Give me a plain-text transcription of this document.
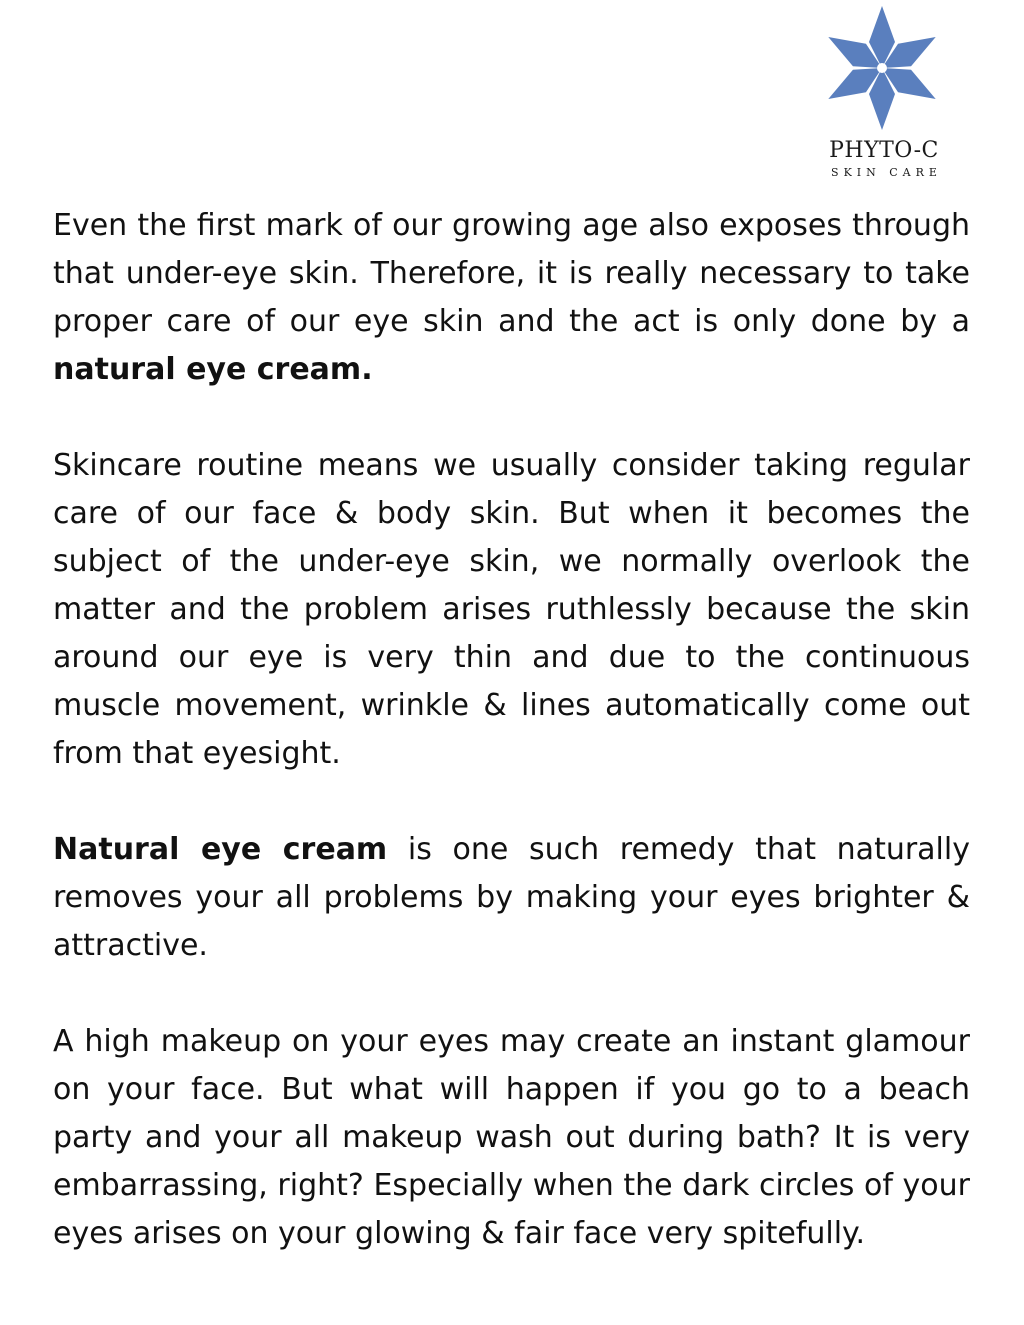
PHYTO-C
SKIN CARE

Even the first mark of our growing age also exposes through that under-eye skin. Therefore, it is really necessary to take proper care of our eye skin and the act is only done by a natural eye cream.

Skincare routine means we usually consider taking regular care of our face & body skin. But when it becomes the subject of the under-eye skin, we normally overlook the matter and the problem arises ruthlessly because the skin around our eye is very thin and due to the continuous muscle movement, wrinkle & lines automatically come out from that eyesight.

Natural eye cream is one such remedy that naturally removes your all problems by making your eyes brighter & attractive.

A high makeup on your eyes may create an instant glamour on your face. But what will happen if you go to a beach party and your all makeup wash out during bath? It is very embarrassing, right? Especially when the dark circles of your eyes arises on your glowing & fair face very spitefully.
